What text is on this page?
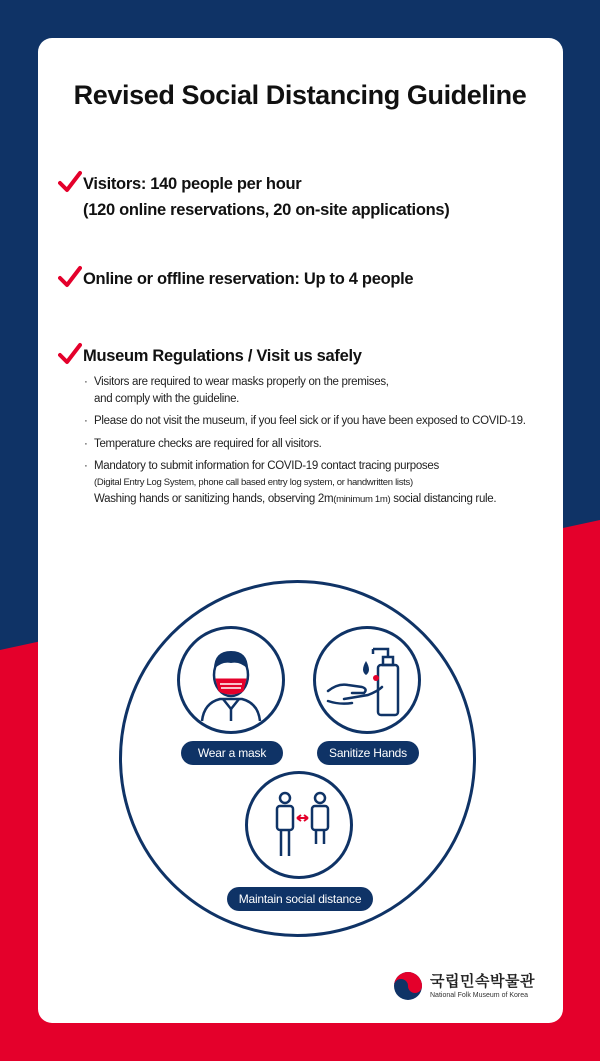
Revised Social Distancing Guideline
Visitors: 140 people per hour
(120 online reservations, 20 on-site applications)
Online or offline reservation: Up to 4 people
Museum Regulations / Visit us safely
· Visitors are required to wear masks properly on the premises,
and comply with the guideline.
· Please do not visit the museum, if you feel sick or if you have been exposed to COVID-19.
· Temperature checks are required for all visitors.
· Mandatory to submit information for COVID-19 contact tracing purposes
(Digital Entry Log System, phone call based entry log system, or handwritten lists)
Washing hands or sanitizing hands, observing 2m(minimum 1m) social distancing rule.
Wear a mask	Sanitize Hands
Maintain social distance
국립민속박물관
National Folk Museum of Korea
